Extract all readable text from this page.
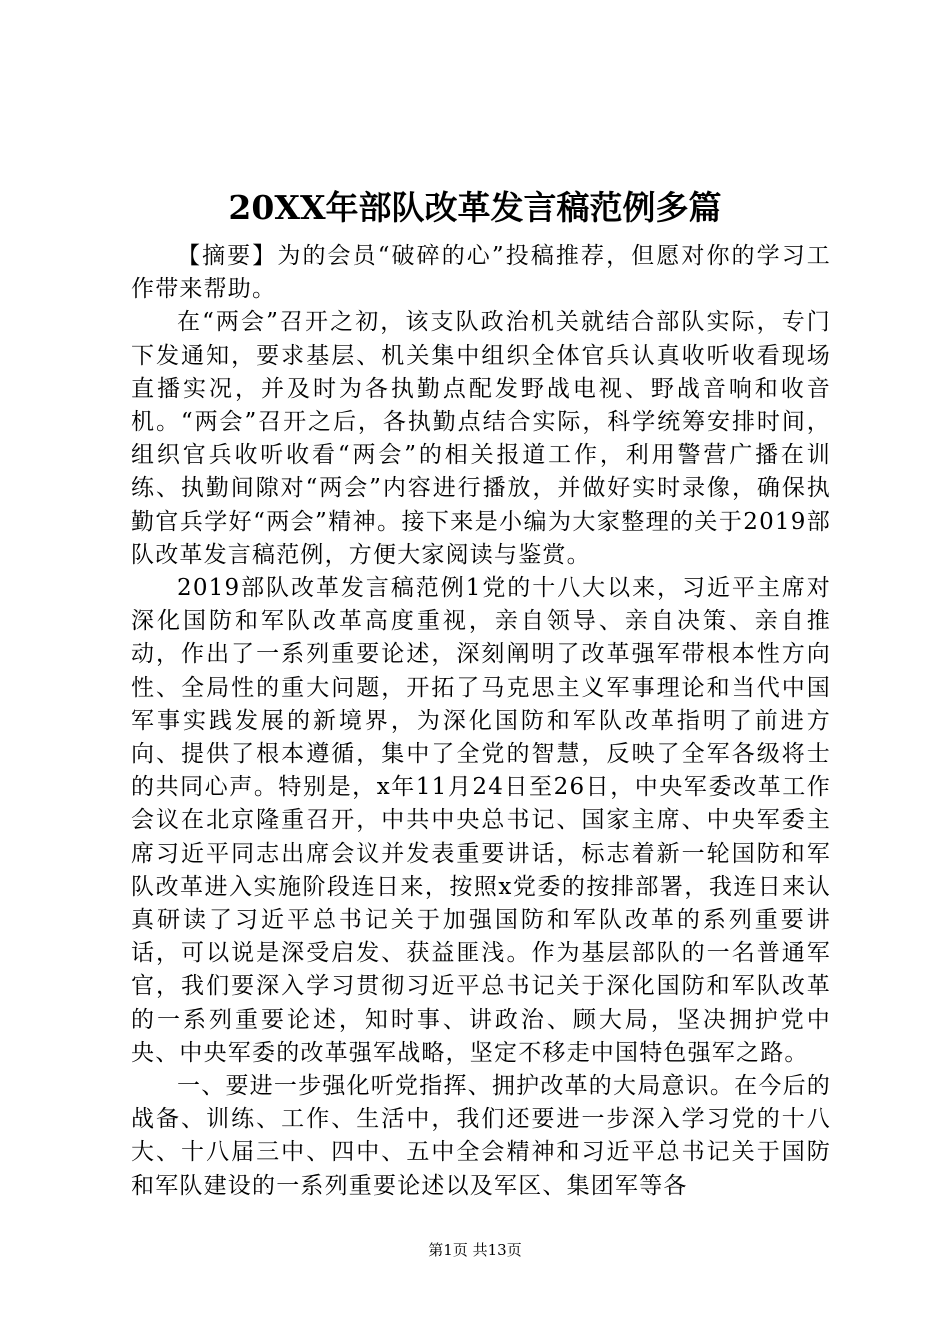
20XX年部队改革发言稿范例多篇

【摘要】为的会员“破碎的心”投稿推荐，但愿对你的学习工作带来帮助。

在“两会”召开之初，该支队政治机关就结合部队实际，专门下发通知，要求基层、机关集中组织全体官兵认真收听收看现场直播实况，并及时为各执勤点配发野战电视、野战音响和收音机。“两会”召开之后，各执勤点结合实际，科学统筹安排时间，组织官兵收听收看“两会”的相关报道工作，利用警营广播在训练、执勤间隙对“两会”内容进行播放，并做好实时录像，确保执勤官兵学好“两会”精神。接下来是小编为大家整理的关于2019部队改革发言稿范例，方便大家阅读与鉴赏。

2019部队改革发言稿范例1党的十八大以来，习近平主席对深化国防和军队改革高度重视，亲自领导、亲自决策、亲自推动，作出了一系列重要论述，深刻阐明了改革强军带根本性方向性、全局性的重大问题，开拓了马克思主义军事理论和当代中国军事实践发展的新境界，为深化国防和军队改革指明了前进方向、提供了根本遵循，集中了全党的智慧，反映了全军各级将士的共同心声。特别是，x年11月24日至26日，中央军委改革工作会议在北京隆重召开，中共中央总书记、国家主席、中央军委主席习近平同志出席会议并发表重要讲话，标志着新一轮国防和军队改革进入实施阶段连日来，按照x党委的按排部署，我连日来认真研读了习近平总书记关于加强国防和军队改革的系列重要讲话，可以说是深受启发、获益匪浅。作为基层部队的一名普通军官，我们要深入学习贯彻习近平总书记关于深化国防和军队改革的一系列重要论述，知时事、讲政治、顾大局，坚决拥护党中央、中央军委的改革强军战略，坚定不移走中国特色强军之路。

一、要进一步强化听党指挥、拥护改革的大局意识。在今后的战备、训练、工作、生活中，我们还要进一步深入学习党的十八大、十八届三中、四中、五中全会精神和习近平总书记关于国防和军队建设的一系列重要论述以及军区、集团军等各

第1页 共13页
